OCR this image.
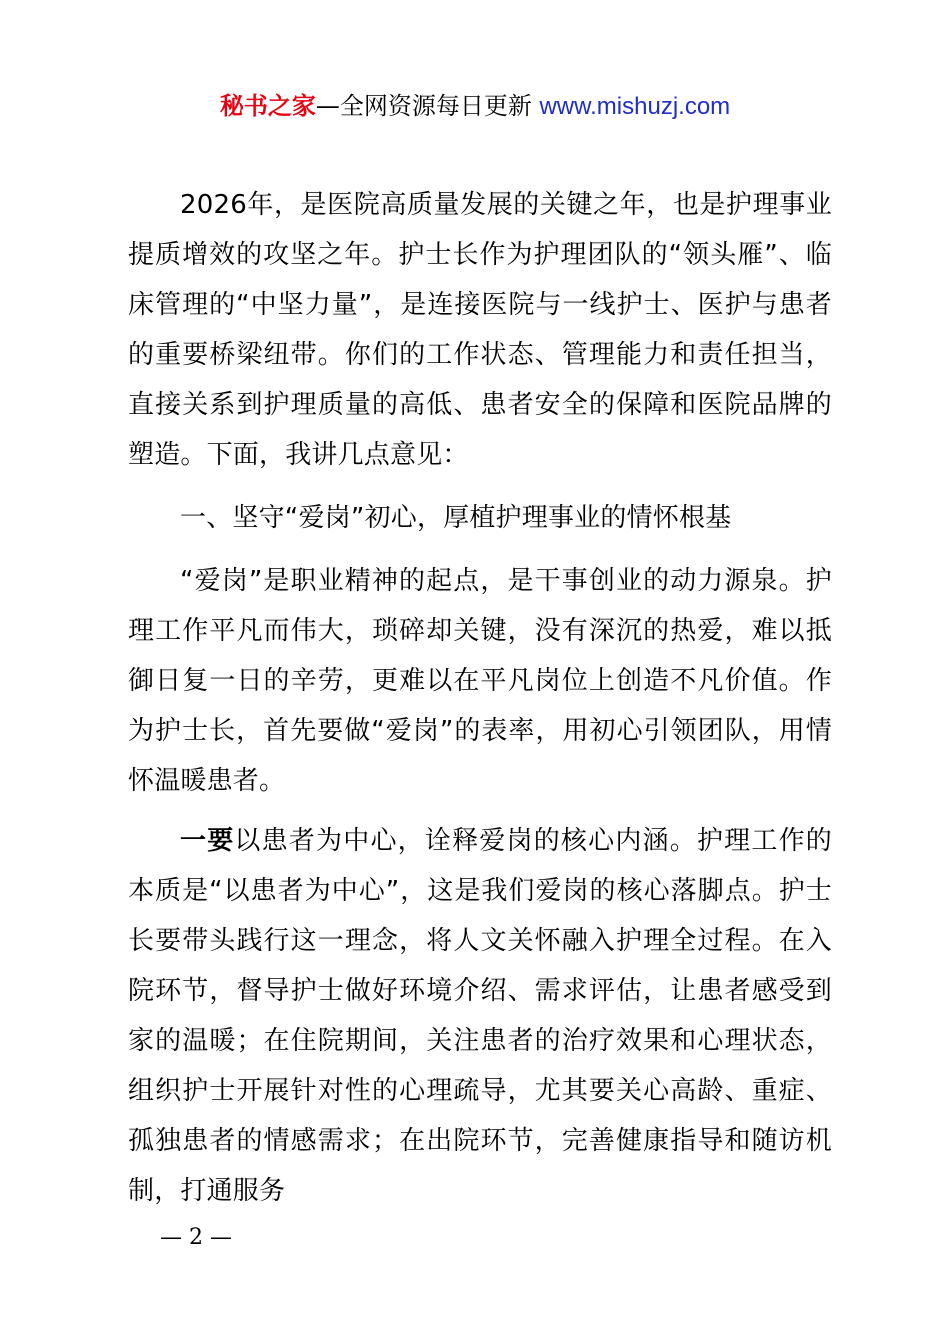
秘书之家—全网资源每日更新 www.mishuzj.com

2026年，是医院高质量发展的关键之年，也是护理事业提质增效的攻坚之年。护士长作为护理团队的“领头雁”、临床管理的“中坚力量”，是连接医院与一线护士、医护与患者的重要桥梁纽带。你们的工作状态、管理能力和责任担当，直接关系到护理质量的高低、患者安全的保障和医院品牌的塑造。下面，我讲几点意见：

一、坚守“爱岗”初心，厚植护理事业的情怀根基

“爱岗”是职业精神的起点，是干事创业的动力源泉。护理工作平凡而伟大，琐碎却关键，没有深沉的热爱，难以抵御日复一日的辛劳，更难以在平凡岗位上创造不凡价值。作为护士长，首先要做“爱岗”的表率，用初心引领团队，用情怀温暖患者。

一要以患者为中心，诠释爱岗的核心内涵。护理工作的本质是“以患者为中心”，这是我们爱岗的核心落脚点。护士长要带头践行这一理念，将人文关怀融入护理全过程。在入院环节，督导护士做好环境介绍、需求评估，让患者感受到家的温暖；在住院期间，关注患者的治疗效果和心理状态，组织护士开展针对性的心理疏导，尤其要关心高龄、重症、孤独患者的情感需求；在出院环节，完善健康指导和随访机制，打通服务

— 2 —
